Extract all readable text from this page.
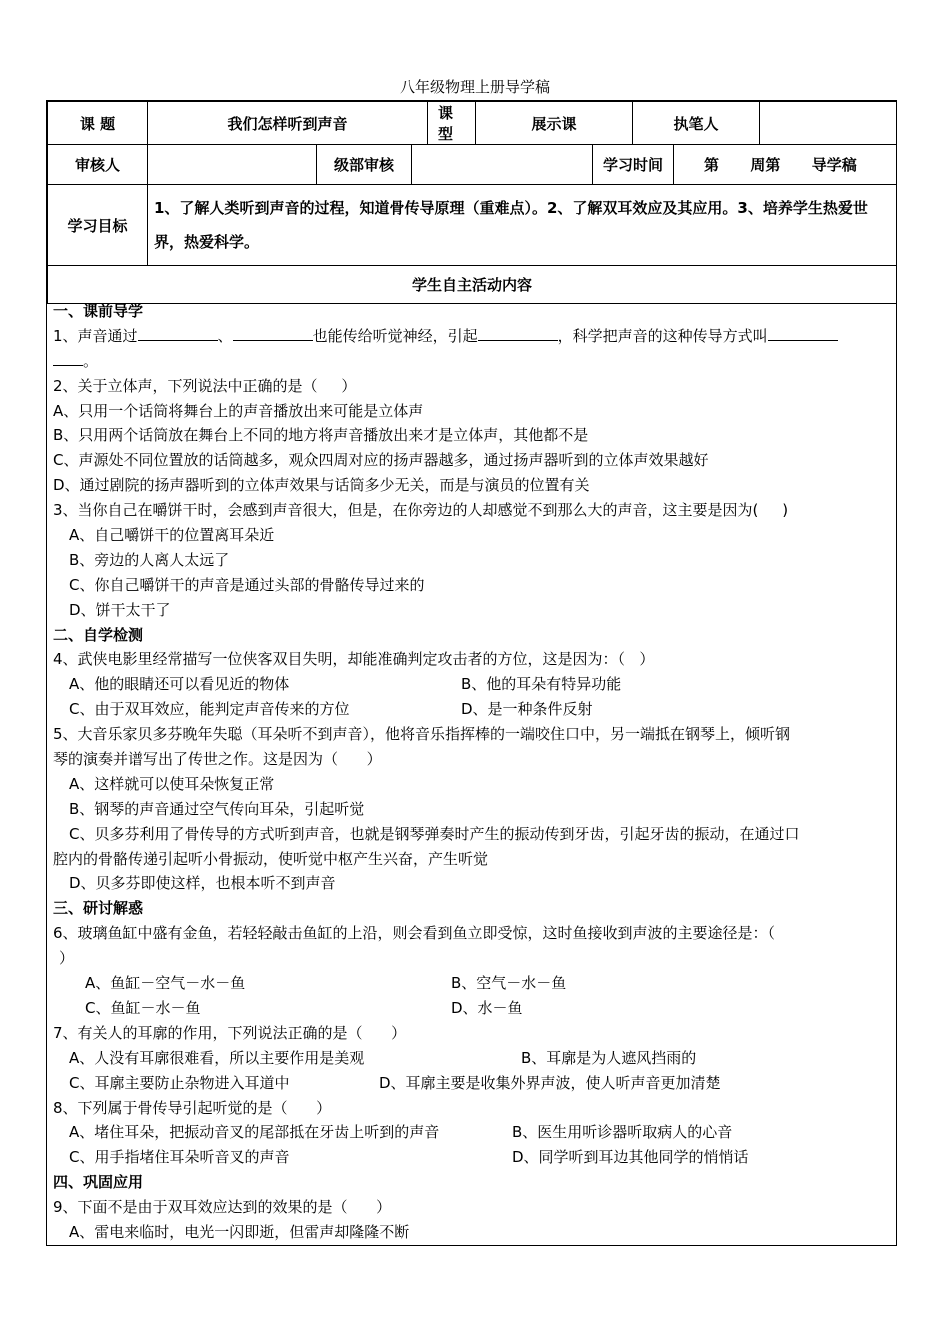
八年级物理上册导学稿
课 题	我们怎样听到声音			课 型	展示课		执笔人		
审核人		级部审核				学习时间		第      周第      导学稿	
学习目标	1、了解人类听到声音的过程，知道骨传导原理（重难点）。2、了解双耳效应及其应用。3、培养学生热爱世界，热爱科学。								
学生自主活动内容									
一、课前导学
1、声音通过	、	也能传给听觉神经，引起	，科学把声音的这种传导方式叫
。
2、关于立体声，下列说法中正确的是（     ）
A、只用一个话筒将舞台上的声音播放出来可能是立体声
B、只用两个话筒放在舞台上不同的地方将声音播放出来才是立体声，其他都不是
C、声源处不同位置放的话筒越多，观众四周对应的扬声器越多，通过扬声器听到的立体声效果越好
D、通过剧院的扬声器听到的立体声效果与话筒多少无关，而是与演员的位置有关
3、当你自己在嚼饼干时，会感到声音很大，但是，在你旁边的人却感觉不到那么大的声音，这主要是因为(     )
A、自己嚼饼干的位置离耳朵近
B、旁边的人离人太远了
C、你自己嚼饼干的声音是通过头部的骨骼传导过来的
D、饼干太干了
二、自学检测
4、武侠电影里经常描写一位侠客双目失明，却能准确判定攻击者的方位，这是因为：（   ）
A、他的眼睛还可以看见近的物体	B、他的耳朵有特异功能
C、由于双耳效应，能判定声音传来的方位	D、是一种条件反射
5、大音乐家贝多芬晚年失聪（耳朵听不到声音），他将音乐指挥棒的一端咬住口中，另一端抵在钢琴上，倾听钢
琴的演奏并谱写出了传世之作。这是因为（      ）
A、这样就可以使耳朵恢复正常
B、钢琴的声音通过空气传向耳朵，引起听觉
C、贝多芬利用了骨传导的方式听到声音，也就是钢琴弹奏时产生的振动传到牙齿，引起牙齿的振动，在通过口
腔内的骨骼传递引起听小骨振动，使听觉中枢产生兴奋，产生听觉
D、贝多芬即使这样，也根本听不到声音
三、研讨解惑
6、玻璃鱼缸中盛有金鱼，若轻轻敲击鱼缸的上沿，则会看到鱼立即受惊，这时鱼接收到声波的主要途径是：（
）
A、鱼缸－空气－水－鱼	B、空气－水－鱼
C、鱼缸－水－鱼	D、水－鱼
7、有关人的耳廓的作用，下列说法正确的是（      ）
A、人没有耳廓很难看，所以主要作用是美观	B、耳廓是为人遮风挡雨的
C、耳廓主要防止杂物进入耳道中	D、耳廓主要是收集外界声波，使人听声音更加清楚
8、下列属于骨传导引起听觉的是（      ）
A、堵住耳朵，把振动音叉的尾部抵在牙齿上听到的声音	B、医生用听诊器听取病人的心音
C、用手指堵住耳朵听音叉的声音	D、同学听到耳边其他同学的悄悄话
四、巩固应用
9、下面不是由于双耳效应达到的效果的是（      ）
A、雷电来临时，电光一闪即逝，但雷声却隆隆不断
